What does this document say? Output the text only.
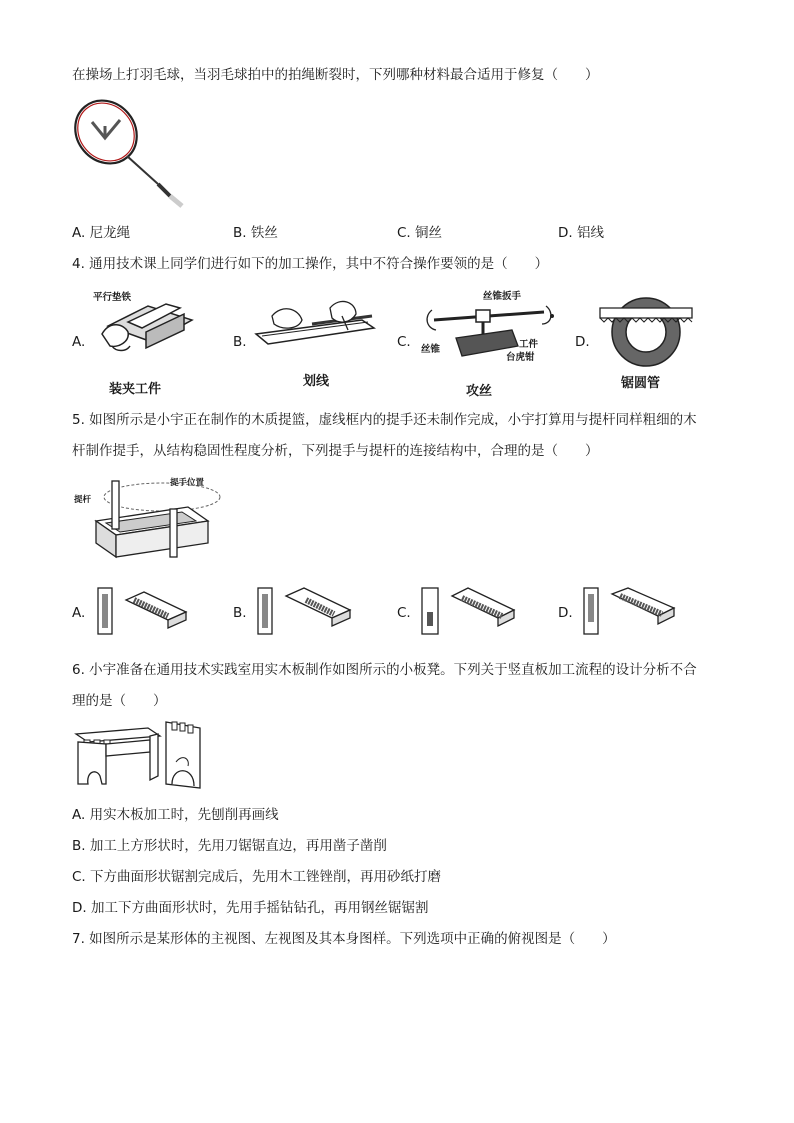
在操场上打羽毛球，当羽毛球拍中的拍绳断裂时，下列哪种材料最合适用于修复（　　）
A. 尼龙绳	B. 铁丝	C. 铜丝	D. 铝线
4. 通用技术课上同学们进行如下的加工操作，其中不符合操作要领的是（　　）
A.
平行垫铁
装夹工件
B.
划线
C.
丝锥扳手
工件
丝锥
台虎钳
攻丝
D.
锯圆管
5. 如图所示是小宇正在制作的木质提篮，虚线框内的提手还未制作完成，小宇打算用与提杆同样粗细的木
杆制作提手，从结构稳固性程度分析，下列提手与提杆的连接结构中，合理的是（　　）
提杆
提手位置
A.	B.	C.	D.
6. 小宇准备在通用技术实践室用实木板制作如图所示的小板凳。下列关于竖直板加工流程的设计分析不合
理的是（　　）
A. 用实木板加工时，先刨削再画线
B. 加工上方形状时，先用刀锯锯直边，再用凿子凿削
C. 下方曲面形状锯割完成后，先用木工锉锉削，再用砂纸打磨
D. 加工下方曲面形状时，先用手摇钻钻孔，再用钢丝锯锯割
7. 如图所示是某形体的主视图、左视图及其本身图样。下列选项中正确的俯视图是（　　）
